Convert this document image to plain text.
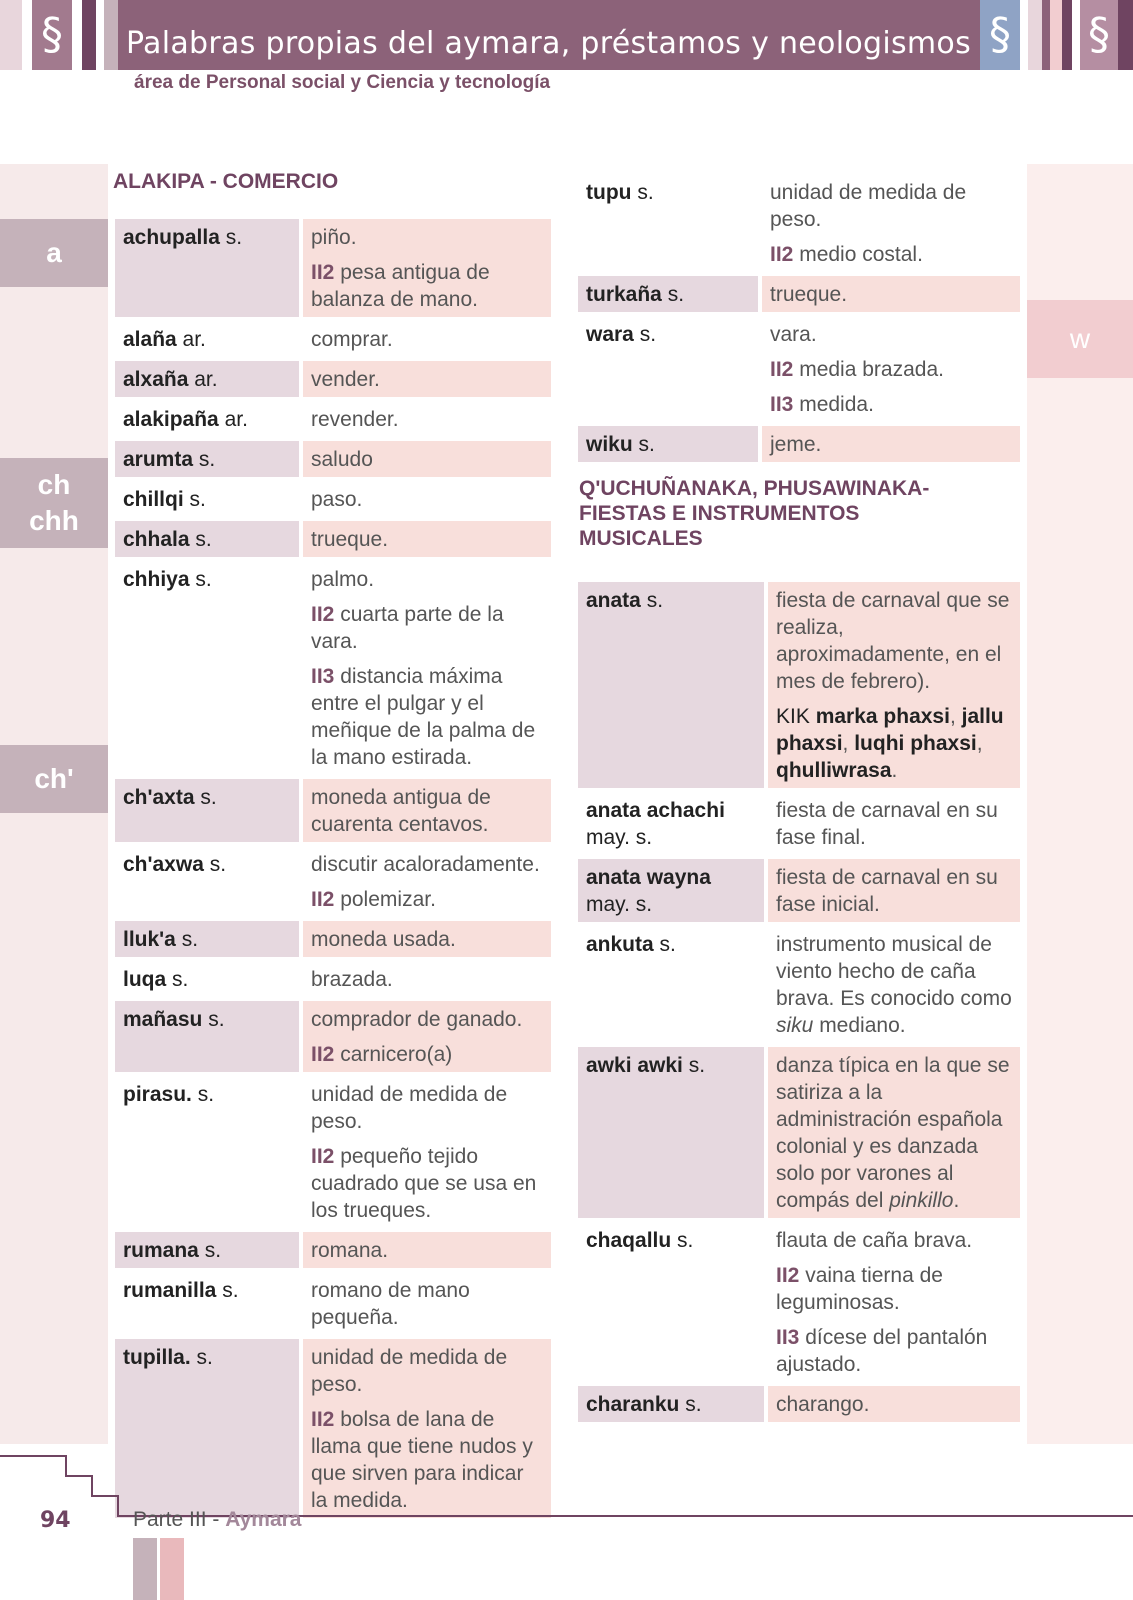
§	§ §
Palabras propias del aymara, préstamos y neologismos
área de Personal social y Ciencia y tecnología
a
ch
chh
ch'
w
ALAKIPA - COMERCIO
achupalla s.	piño.
II2 pesa antigua de balanza de mano.

alaña ar.	comprar.

alxaña ar.	vender.

alakipaña ar.	revender.

arumta s.	saludo

chillqi s.	paso.

chhala s.	trueque.

chhiya s.	palmo.
II2 cuarta parte de la vara.
II3 distancia máxima entre el pulgar y el meñique de la palma de la mano estirada.

ch'axta s.	moneda antigua de cuarenta centavos.

ch'axwa s.	discutir acaloradamente.
II2 polemizar.

lluk'a s.	moneda usada.

luqa s.	brazada.

mañasu s.	comprador de ganado.
II2 carnicero(a)

pirasu. s.	unidad de medida de peso.
II2 pequeño tejido cuadrado que se usa en los trueques.

rumana s.	romana.

rumanilla s.	romano de mano pequeña.

tupilla. s.	unidad de medida de peso.
II2 bolsa de lana de llama que tiene nudos y que sirven para indicar la medida.
tupu s.	unidad de medida de peso.
II2 medio costal.

turkaña s.	trueque.

wara s.	vara.
II2 media brazada.
II3 medida.

wiku s.	jeme.
Q'UCHUÑANAKA, PHUSAWINAKA-
FIESTAS E INSTRUMENTOS
MUSICALES
anata s.	fiesta de carnaval que se realiza, aproximadamente, en el mes de febrero).
KIK marka phaxsi, jallu phaxsi, luqhi phaxsi, qhulliwrasa.

anata achachi
may. s.	fiesta de carnaval en su fase final.

anata wayna
may. s.	fiesta de carnaval en su fase inicial.

ankuta s.	instrumento musical de viento hecho de caña brava. Es conocido como siku mediano.
awki awki s.	danza típica en la que se satiriza a la administración española colonial y es danzada solo por varones al compás del pinkillo.
chaqallu s.	flauta de caña brava.
II2 vaina tierna de leguminosas.
II3 dícese del pantalón ajustado.

charanku s.	charango.
94	Parte III - Aymara
